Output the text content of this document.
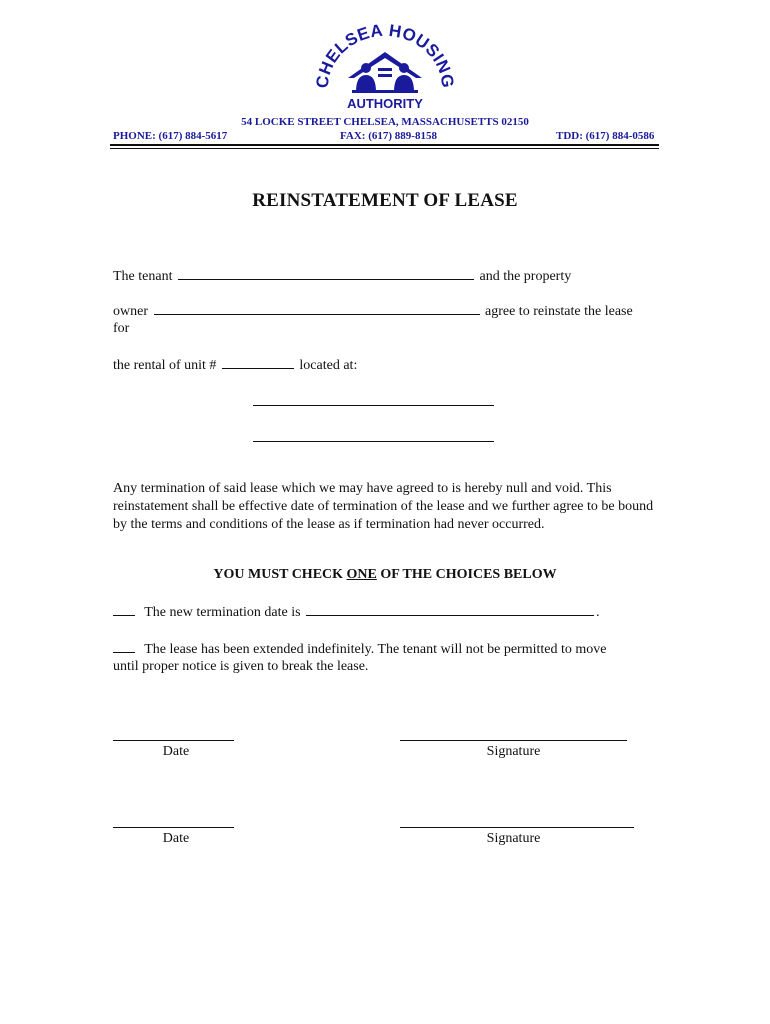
CHELSEA HOUSING
AUTHORITY
54 LOCKE STREET CHELSEA, MASSACHUSETTS 02150
PHONE: (617) 884-5617	FAX: (617) 889-8158	TDD: (617) 884-0586
REINSTATEMENT OF LEASE
The tenant	and the property
owner	agree to reinstate the lease
for
the rental of unit #	located at:
Any termination of said lease which we may have agreed to is hereby null and void. This reinstatement shall be effective date of termination of the lease and we further agree to be bound by the terms and conditions of the lease as if termination had never occurred.
YOU MUST CHECK ONE OF THE CHOICES BELOW
The new termination date is	.
The lease has been extended indefinitely. The tenant will not be permitted to move
until proper notice is given to break the lease.
Date	Signature
Date	Signature
